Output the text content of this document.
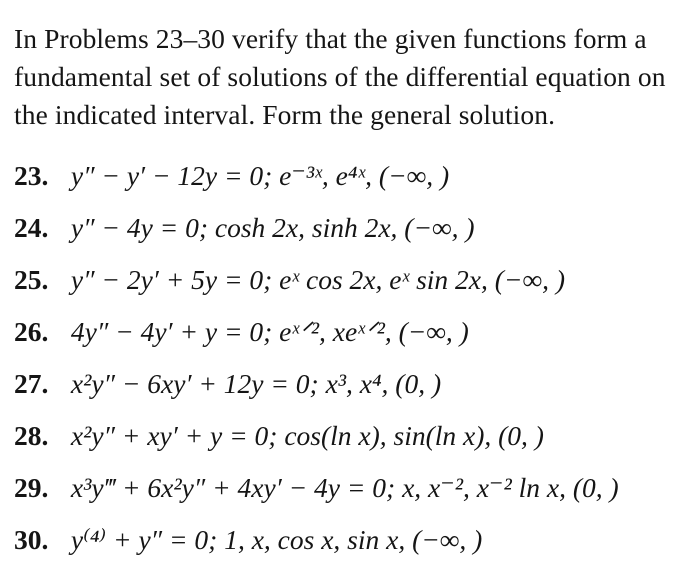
In Problems 23–30 verify that the given functions form a fundamental set of solutions of the differential equation on the indicated interval. Form the general solution.

23. y″ − y′ − 12y = 0; e⁻³ˣ, e⁴ˣ, (−∞, )
24. y″ − 4y = 0; cosh 2x, sinh 2x, (−∞, )
25. y″ − 2y′ + 5y = 0; eˣ cos 2x, eˣ sin 2x, (−∞, )
26. 4y″ − 4y′ + y = 0; eˣᐟ², xeˣᐟ², (−∞, )
27. x²y″ − 6xy′ + 12y = 0; x³, x⁴, (0, )
28. x²y″ + xy′ + y = 0; cos(ln x), sin(ln x), (0, )
29. x³y‴ + 6x²y″ + 4xy′ − 4y = 0; x, x⁻², x⁻² ln x, (0, )
30. y⁽⁴⁾ + y″ = 0; 1, x, cos x, sin x, (−∞, )
